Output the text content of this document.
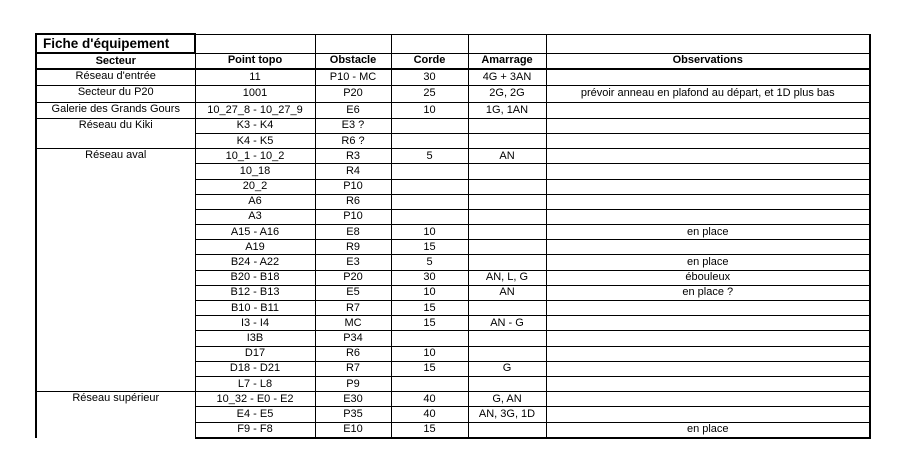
Fiche d'équipement					
Secteur	Point topo	Obstacle	Corde	Amarrage	Observations
Réseau d'entrée	11	P10 - MC	30	4G + 3AN	
Secteur du P20	1001	P20	25	2G, 2G	prévoir anneau en plafond au départ, et 1D plus bas
Galerie des Grands Gours	10_27_8 - 10_27_9	E6	10	1G, 1AN	
Réseau du Kiki	K3 - K4	E3 ?			
	K4 - K5	R6 ?			
Réseau aval	10_1 - 10_2	R3	5	AN	
	10_18	R4			
	20_2	P10			
	A6	R6			
	A3	P10			
	A15 - A16	E8	10		en place
	A19	R9	15		
	B24 - A22	E3	5		en place
	B20 - B18	P20	30	AN, L, G	ébouleux
	B12 - B13	E5	10	AN	en place ?
	B10 - B11	R7	15		
	I3 - I4	MC	15	AN - G	
	I3B	P34			
	D17	R6	10		
	D18 - D21	R7	15	G	
	L7 - L8	P9			
Réseau supérieur	10_32 - E0 - E2	E30	40	G, AN	
	E4 - E5	P35	40	AN, 3G, 1D	
	F9 - F8	E10	15		en place
